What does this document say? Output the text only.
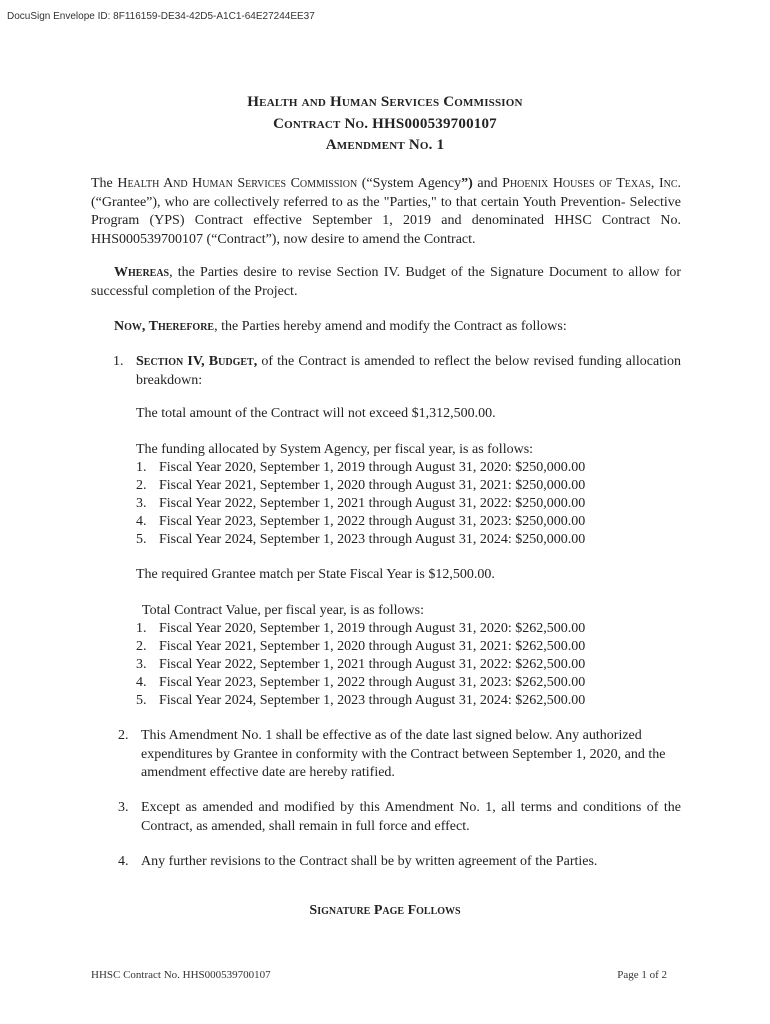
DocuSign Envelope ID: 8F116159-DE34-42D5-A1C1-64E27244EE37
Health and Human Services Commission
Contract No. HHS000539700107
Amendment No. 1
The Health And Human Services Commission (“System Agency”) and Phoenix Houses of Texas, Inc. (“Grantee”), who are collectively referred to as the "Parties," to that certain Youth Prevention- Selective Program (YPS) Contract effective September 1, 2019 and denominated HHSC Contract No. HHS000539700107 (“Contract”), now desire to amend the Contract.
Whereas, the Parties desire to revise Section IV. Budget of the Signature Document to allow for successful completion of the Project.
Now, Therefore, the Parties hereby amend and modify the Contract as follows:
1. Section IV, Budget, of the Contract is amended to reflect the below revised funding allocation breakdown:
The total amount of the Contract will not exceed $1,312,500.00.
The funding allocated by System Agency, per fiscal year, is as follows:
1. Fiscal Year 2020, September 1, 2019 through August 31, 2020: $250,000.00
2. Fiscal Year 2021, September 1, 2020 through August 31, 2021: $250,000.00
3. Fiscal Year 2022, September 1, 2021 through August 31, 2022: $250,000.00
4. Fiscal Year 2023, September 1, 2022 through August 31, 2023: $250,000.00
5. Fiscal Year 2024, September 1, 2023 through August 31, 2024: $250,000.00
The required Grantee match per State Fiscal Year is $12,500.00.
Total Contract Value, per fiscal year, is as follows:
1. Fiscal Year 2020, September 1, 2019 through August 31, 2020: $262,500.00
2. Fiscal Year 2021, September 1, 2020 through August 31, 2021: $262,500.00
3. Fiscal Year 2022, September 1, 2021 through August 31, 2022: $262,500.00
4. Fiscal Year 2023, September 1, 2022 through August 31, 2023: $262,500.00
5. Fiscal Year 2024, September 1, 2023 through August 31, 2024: $262,500.00
2. This Amendment No. 1 shall be effective as of the date last signed below. Any authorized expenditures by Grantee in conformity with the Contract between September 1, 2020, and the amendment effective date are hereby ratified.
3. Except as amended and modified by this Amendment No. 1, all terms and conditions of the Contract, as amended, shall remain in full force and effect.
4. Any further revisions to the Contract shall be by written agreement of the Parties.
Signature Page Follows
HHSC Contract No. HHS000539700107	Page 1 of 2
